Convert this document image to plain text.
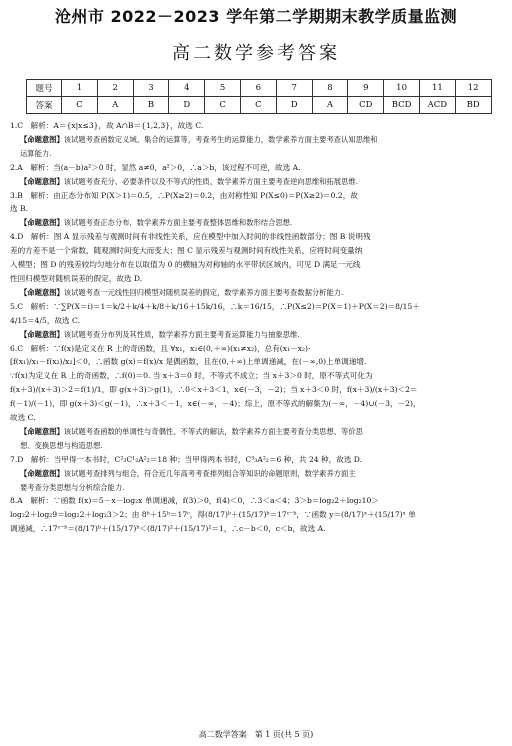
沧州市 2022－2023 学年第二学期期末教学质量监测
高二数学参考答案
题号	1	2	3	4	5	6	7	8	9	10	11	12
答案	C	A	B	D	C	C	D	A	CD	BCD	ACD	BD

1.C　解析：A＝{x|x≤3}，故 A∩B＝{1,2,3}，故选 C.

【命题意图】该试题考查函数定义域、集合的运算等，考查考生的运算能力，数学素养方面主要考查认知思维和

运算能力.

2.A　解析：当(a－b)a²＞0 时，显然 a≠0，a²＞0，∴a＞b，该过程不可逆，故选 A.

【命题意图】该试题考查充分、必要条件以及不等式的性质，数学素养方面主要考查逆向思维和拓展思维.

3.B　解析：由正态分布知 P(X＞1)＝0.5，∴P(X≥2)＝0.2，由对称性知 P(X≤0)＝P(X≥2)＝0.2，故

选 B.

【命题意图】该试题考查正态分布，数学素养方面主要考查整体思维和数形结合思想.

4.D　解析：图 A 显示残差与观测时间有非线性关系，应在模型中加入时间的非线性函数部分；图 B 说明残

差的方差不是一个常数，随观测时间变大而变大；图 C 显示残差与观测时间有线性关系，应将时间变量纳

入模型；图 D 的残差较均匀地分布在以取值为 0 的横轴为对称轴的水平带状区域内，可见 D 满足一元线

性回归模型对随机误差的假定，故选 D.

【命题意图】该试题考查一元线性回归模型对随机误差的假定，数学素养方面主要考查数据分析能力.

5.C　解析：∵∑P(X＝i)＝1＝k/2＋k/4＋k/8＋k/16＋15k/16，∴k＝16/15，∴P(X≤2)＝P(X＝1)＋P(X＝2)＝8/15＋

4/15＝4/5，故选 C.

【命题意图】该试题考查分布列及其性质，数学素养方面主要考查运算能力与抽象思维.

6.C　解析：∵f(x)是定义在 R 上的奇函数，且 ∀x₁，x₂∈(0,＋∞)(x₁≠x₂)，总有(x₁－x₂)·

[f(x₁)/x₁－f(x₂)/x₂]＜0，∴函数 g(x)＝f(x)/x 是偶函数，且在(0,＋∞)上单调递减，在(－∞,0)上单调递增.

∵f(x)为定义在 R 上的奇函数，∴f(0)＝0. 当 x＋3＝0 时，不等式不成立；当 x＋3＞0 时，原不等式可化为

f(x＋3)/(x＋3)＞2＝f(1)/1，即 g(x＋3)＞g(1)，∴0＜x＋3＜1，x∈(－3，－2)；当 x＋3＜0 时，f(x＋3)/(x＋3)＜2＝

f(－1)/(－1)，即 g(x＋3)＜g(－1)，∴x＋3＜－1，x∈(－∞，－4)；综上，原不等式的解集为(－∞，－4)∪(－3，－2)，

故选 C.

【命题意图】该试题考查函数的单调性与奇偶性、不等式的解法，数学素养方面主要考查分类思想、等价思

想、变换思想与构造思想.

7.D　解析：当甲得一本书时，C²₃C¹₂A²₂＝18 种；当甲得两本书时，C³₃A²₂＝6 种，共 24 种，故选 D.

【命题意图】该试题考查排列与组合，符合近几年高考考查排列组合等知识的命题原则，数学素养方面主

要考查分类思想与分析综合能力.

8.A　解析：∵函数 f(x)＝5－x－log₂x 单调递减，f(3)＞0，f(4)＜0，∴3＜a＜4；3＞b＝log₂2＋log₂10＞

log₂2＋log₂9＝log₂2＋log₂3＞2；由 8ᵇ＋15ᵇ＝17ᶜ，得(8/17)ᵇ＋(15/17)ᵇ＝17ᶜ⁻ᵇ，∵函数 y＝(8/17)ˣ＋(15/17)ˣ 单

调递减，∴17ᶜ⁻ᵇ＝(8/17)ᵇ＋(15/17)ᵇ＜(8/17)²＋(15/17)²＝1，∴c－b＜0，c＜b，故选 A.

高二数学答案　第 1 页(共 5 页)
